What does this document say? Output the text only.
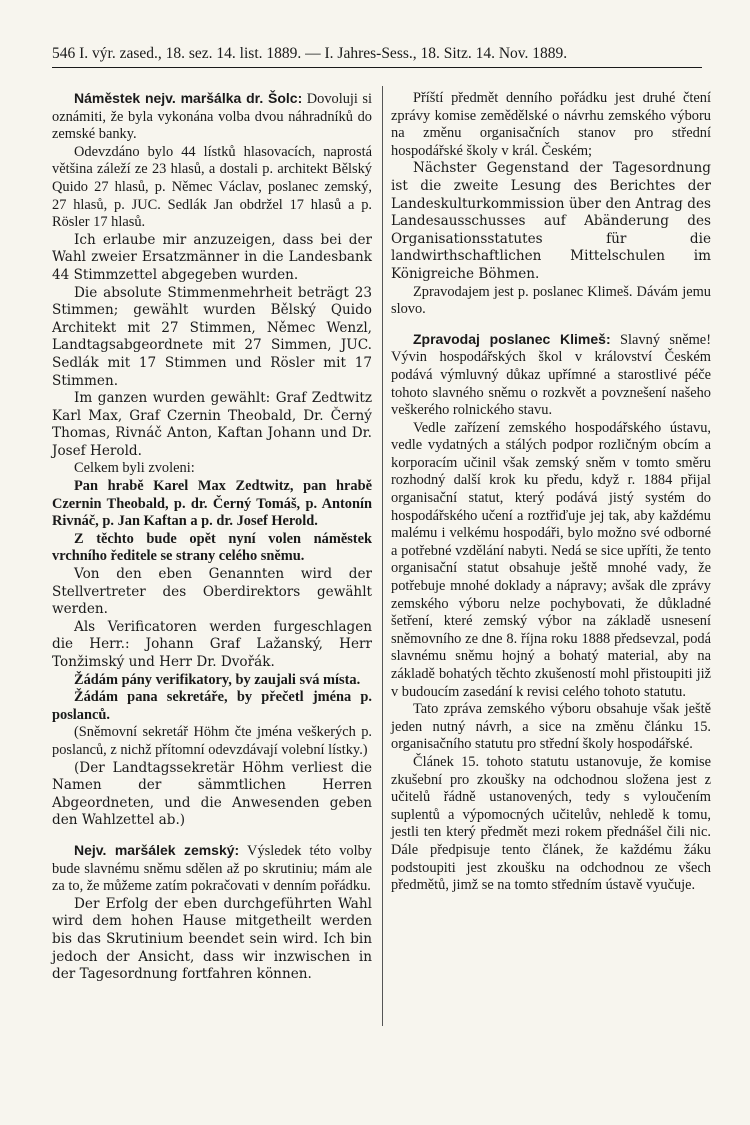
546 I. výr. zased., 18. sez. 14. list. 1889. — I. Jahres-Sess., 18. Sitz. 14. Nov. 1889.

Náměstek nejv. maršálka dr. Šolc: Dovoluji si oznámiti, že byla vykonána volba dvou náhradníků do zemské banky.

Odevzdáno bylo 44 lístků hlasovacích, naprostá většina záleží ze 23 hlasů, a dostali p. architekt Bělský Quido 27 hlasů, p. Němec Václav, poslanec zemský, 27 hlasů, p. JUC. Sedlák Jan obdržel 17 hlasů a p. Rösler 17 hlasů.

Ich erlaube mir anzuzeigen, dass bei der Wahl zweier Ersatzmänner in die Landesbank 44 Stimmzettel abgegeben wurden.

Die absolute Stimmenmehrheit beträgt 23 Stimmen; gewählt wurden Bělský Quido Architekt mit 27 Stimmen, Němec Wenzl, Landtagsabgeordnete mit 27 Simmen, JUC. Sedlák mit 17 Stimmen und Rösler mit 17 Stimmen.

Im ganzen wurden gewählt: Graf Zedtwitz Karl Max, Graf Czernin Theobald, Dr. Černý Thomas, Rivnáč Anton, Kaftan Johann und Dr. Josef Herold.

Celkem byli zvoleni:

Pan hrabě Karel Max Zedtwitz, pan hrabě Czernin Theobald, p. dr. Černý Tomáš, p. Antonín Rivnáč, p. Jan Kaftan a p. dr. Josef Herold.

Z těchto bude opět nyní volen náměstek vrchního ředitele se strany celého sněmu.

Von den eben Genannten wird der Stellvertreter des Oberdirektors gewählt werden.

Als Verificatoren werden furgeschlagen die Herr.: Johann Graf Lažanský, Herr Tonžimský und Herr Dr. Dvořák.

Žádám pány verifikatory, by zaujali svá místa.

Žádám pana sekretáře, by přečetl jména p. poslanců.

(Sněmovní sekretář Höhm čte jména veškerých p. poslanců, z nichž přítomní odevzdávají volební lístky.)

(Der Landtagssekretär Höhm verliest die Namen der sämmtlichen Herren Abgeordneten, und die Anwesenden geben den Wahlzettel ab.)

Nejv. maršálek zemský: Výsledek této volby bude slavnému sněmu sdělen až po skrutiniu; mám ale za to, že můžeme zatím pokračovati v denním pořádku.

Der Erfolg der eben durchgeführten Wahl wird dem hohen Hause mitgetheilt werden bis das Skrutinium beendet sein wird. Ich bin jedoch der Ansicht, dass wir inzwischen in der Tagesordnung fortfahren können.

Příští předmět denního pořádku jest druhé čtení zprávy komise zemědělské o návrhu zemského výboru na změnu organisačních stanov pro střední hospodářské školy v král. Českém;

Nächster Gegenstand der Tagesordnung ist die zweite Lesung des Berichtes der Landeskulturkommission über den Antrag des Landesausschusses auf Abänderung des Organisationsstatutes für die landwirthschaftlichen Mittelschulen im Königreiche Böhmen.

Zpravodajem jest p. poslanec Klimeš. Dávám jemu slovo.

Zpravodaj poslanec Klimeš: Slavný sněme! Vývin hospodářských škol v království Českém podává výmluvný důkaz upřímné a starostlivé péče tohoto slavného sněmu o rozkvět a povznešení našeho veškerého rolnického stavu.

Vedle zařízení zemského hospodářského ústavu, vedle vydatných a stálých podpor rozličným obcím a korporacím učinil však zemský sněm v tomto směru rozhodný další krok ku předu, když r. 1884 přijal organisační statut, který podává jistý systém do hospodářského učení a roztřiďuje jej tak, aby každému malému i velkému hospodáři, bylo možno své odborné a potřebné vzdělání nabyti. Nedá se sice upříti, že tento organisační statut obsahuje ještě mnohé vady, že potřebuje mnohé doklady a nápravy; avšak dle zprávy zemského výboru nelze pochybovati, že důkladné šetření, které zemský výbor na základě usnesení sněmovního ze dne 8. října roku 1888 předsevzal, podá slavnému sněmu hojný a bohatý material, aby na základě bohatých těchto zkušeností mohl přistoupiti již v budoucím zasedání k revisi celého tohoto statutu.

Tato zpráva zemského výboru obsahuje však ještě jeden nutný návrh, a sice na změnu článku 15. organisačního statutu pro střední školy hospodářské.

Článek 15. tohoto statutu ustanovuje, že komise zkušební pro zkoušky na odchodnou složena jest z učitelů řádně ustanovených, tedy s vyloučením suplentů a výpomocných učitelův, nehledě k tomu, jestli ten který předmět mezi rokem přednášel čili nic. Dále předpisuje tento článek, že každému žáku podstoupiti jest zkoušku na odchodnou ze všech předmětů, jimž se na tomto středním ústavě vyučuje.
